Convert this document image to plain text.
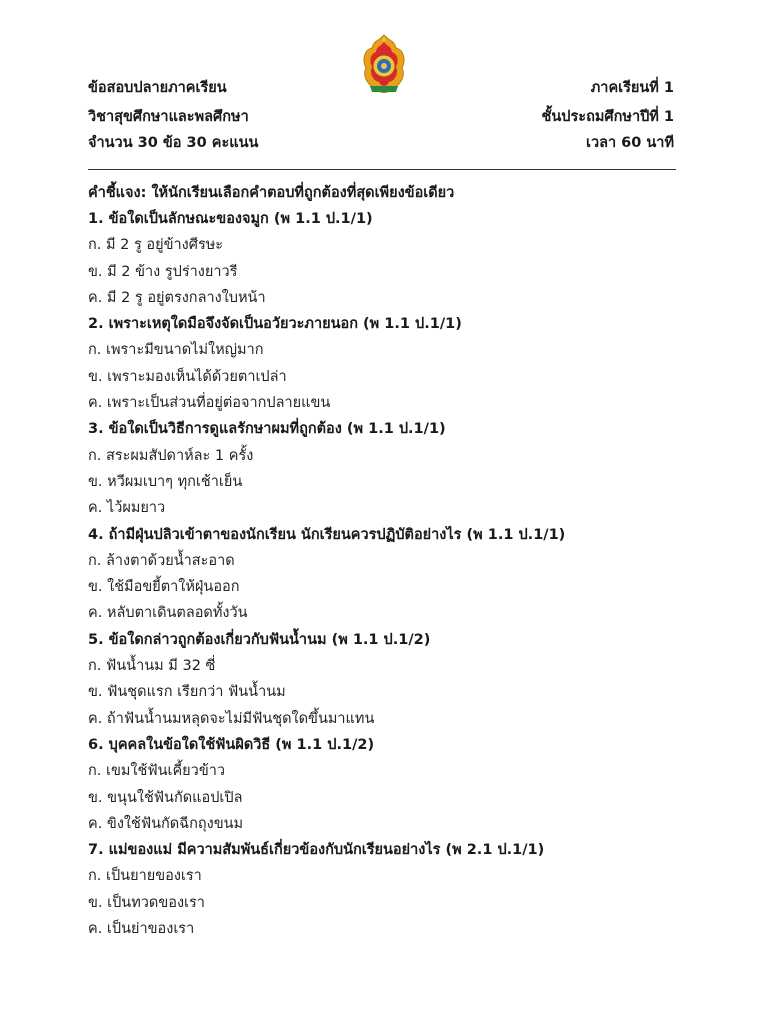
ข้อสอบปลายภาคเรียน
วิชาสุขศึกษาและพลศึกษา
จำนวน 30 ข้อ 30 คะแนน
ภาคเรียนที่ 1
ชั้นประถมศึกษาปีที่ 1
เวลา 60 นาที
คำชี้แจง: ให้นักเรียนเลือกคำตอบที่ถูกต้องที่สุดเพียงข้อเดียว
1. ข้อใดเป็นลักษณะของจมูก (พ 1.1 ป.1/1)
ก. มี 2 รู อยู่ข้างศีรษะ
ข. มี 2 ข้าง รูปร่างยาวรี
ค. มี 2 รู อยู่ตรงกลางใบหน้า
2. เพราะเหตุใดมือจึงจัดเป็นอวัยวะภายนอก (พ 1.1 ป.1/1)
ก. เพราะมีขนาดไม่ใหญ่มาก
ข. เพราะมองเห็นได้ด้วยตาเปล่า
ค. เพราะเป็นส่วนที่อยู่ต่อจากปลายแขน
3. ข้อใดเป็นวิธีการดูแลรักษาผมที่ถูกต้อง (พ 1.1 ป.1/1)
ก. สระผมสัปดาห์ละ 1 ครั้ง
ข. หวีผมเบาๆ ทุกเช้าเย็น
ค. ไว้ผมยาว
4. ถ้ามีฝุ่นปลิวเข้าตาของนักเรียน นักเรียนควรปฏิบัติอย่างไร (พ 1.1 ป.1/1)
ก. ล้างตาด้วยน้ำสะอาด
ข. ใช้มือขยี้ตาให้ฝุ่นออก
ค. หลับตาเดินตลอดทั้งวัน
5. ข้อใดกล่าวถูกต้องเกี่ยวกับฟันน้ำนม (พ 1.1 ป.1/2)
ก. ฟันน้ำนม มี 32 ซี่
ข. ฟันชุดแรก เรียกว่า ฟันน้ำนม
ค. ถ้าฟันน้ำนมหลุดจะไม่มีฟันชุดใดขึ้นมาแทน
6. บุคคลในข้อใดใช้ฟันผิดวิธี (พ 1.1 ป.1/2)
ก. เขมใช้ฟันเคี้ยวข้าว
ข. ขนุนใช้ฟันกัดแอปเปิล
ค. ขิงใช้ฟันกัดฉีกถุงขนม
7. แม่ของแม่ มีความสัมพันธ์เกี่ยวข้องกับนักเรียนอย่างไร (พ 2.1 ป.1/1)
ก. เป็นยายของเรา
ข. เป็นทวดของเรา
ค. เป็นย่าของเรา
